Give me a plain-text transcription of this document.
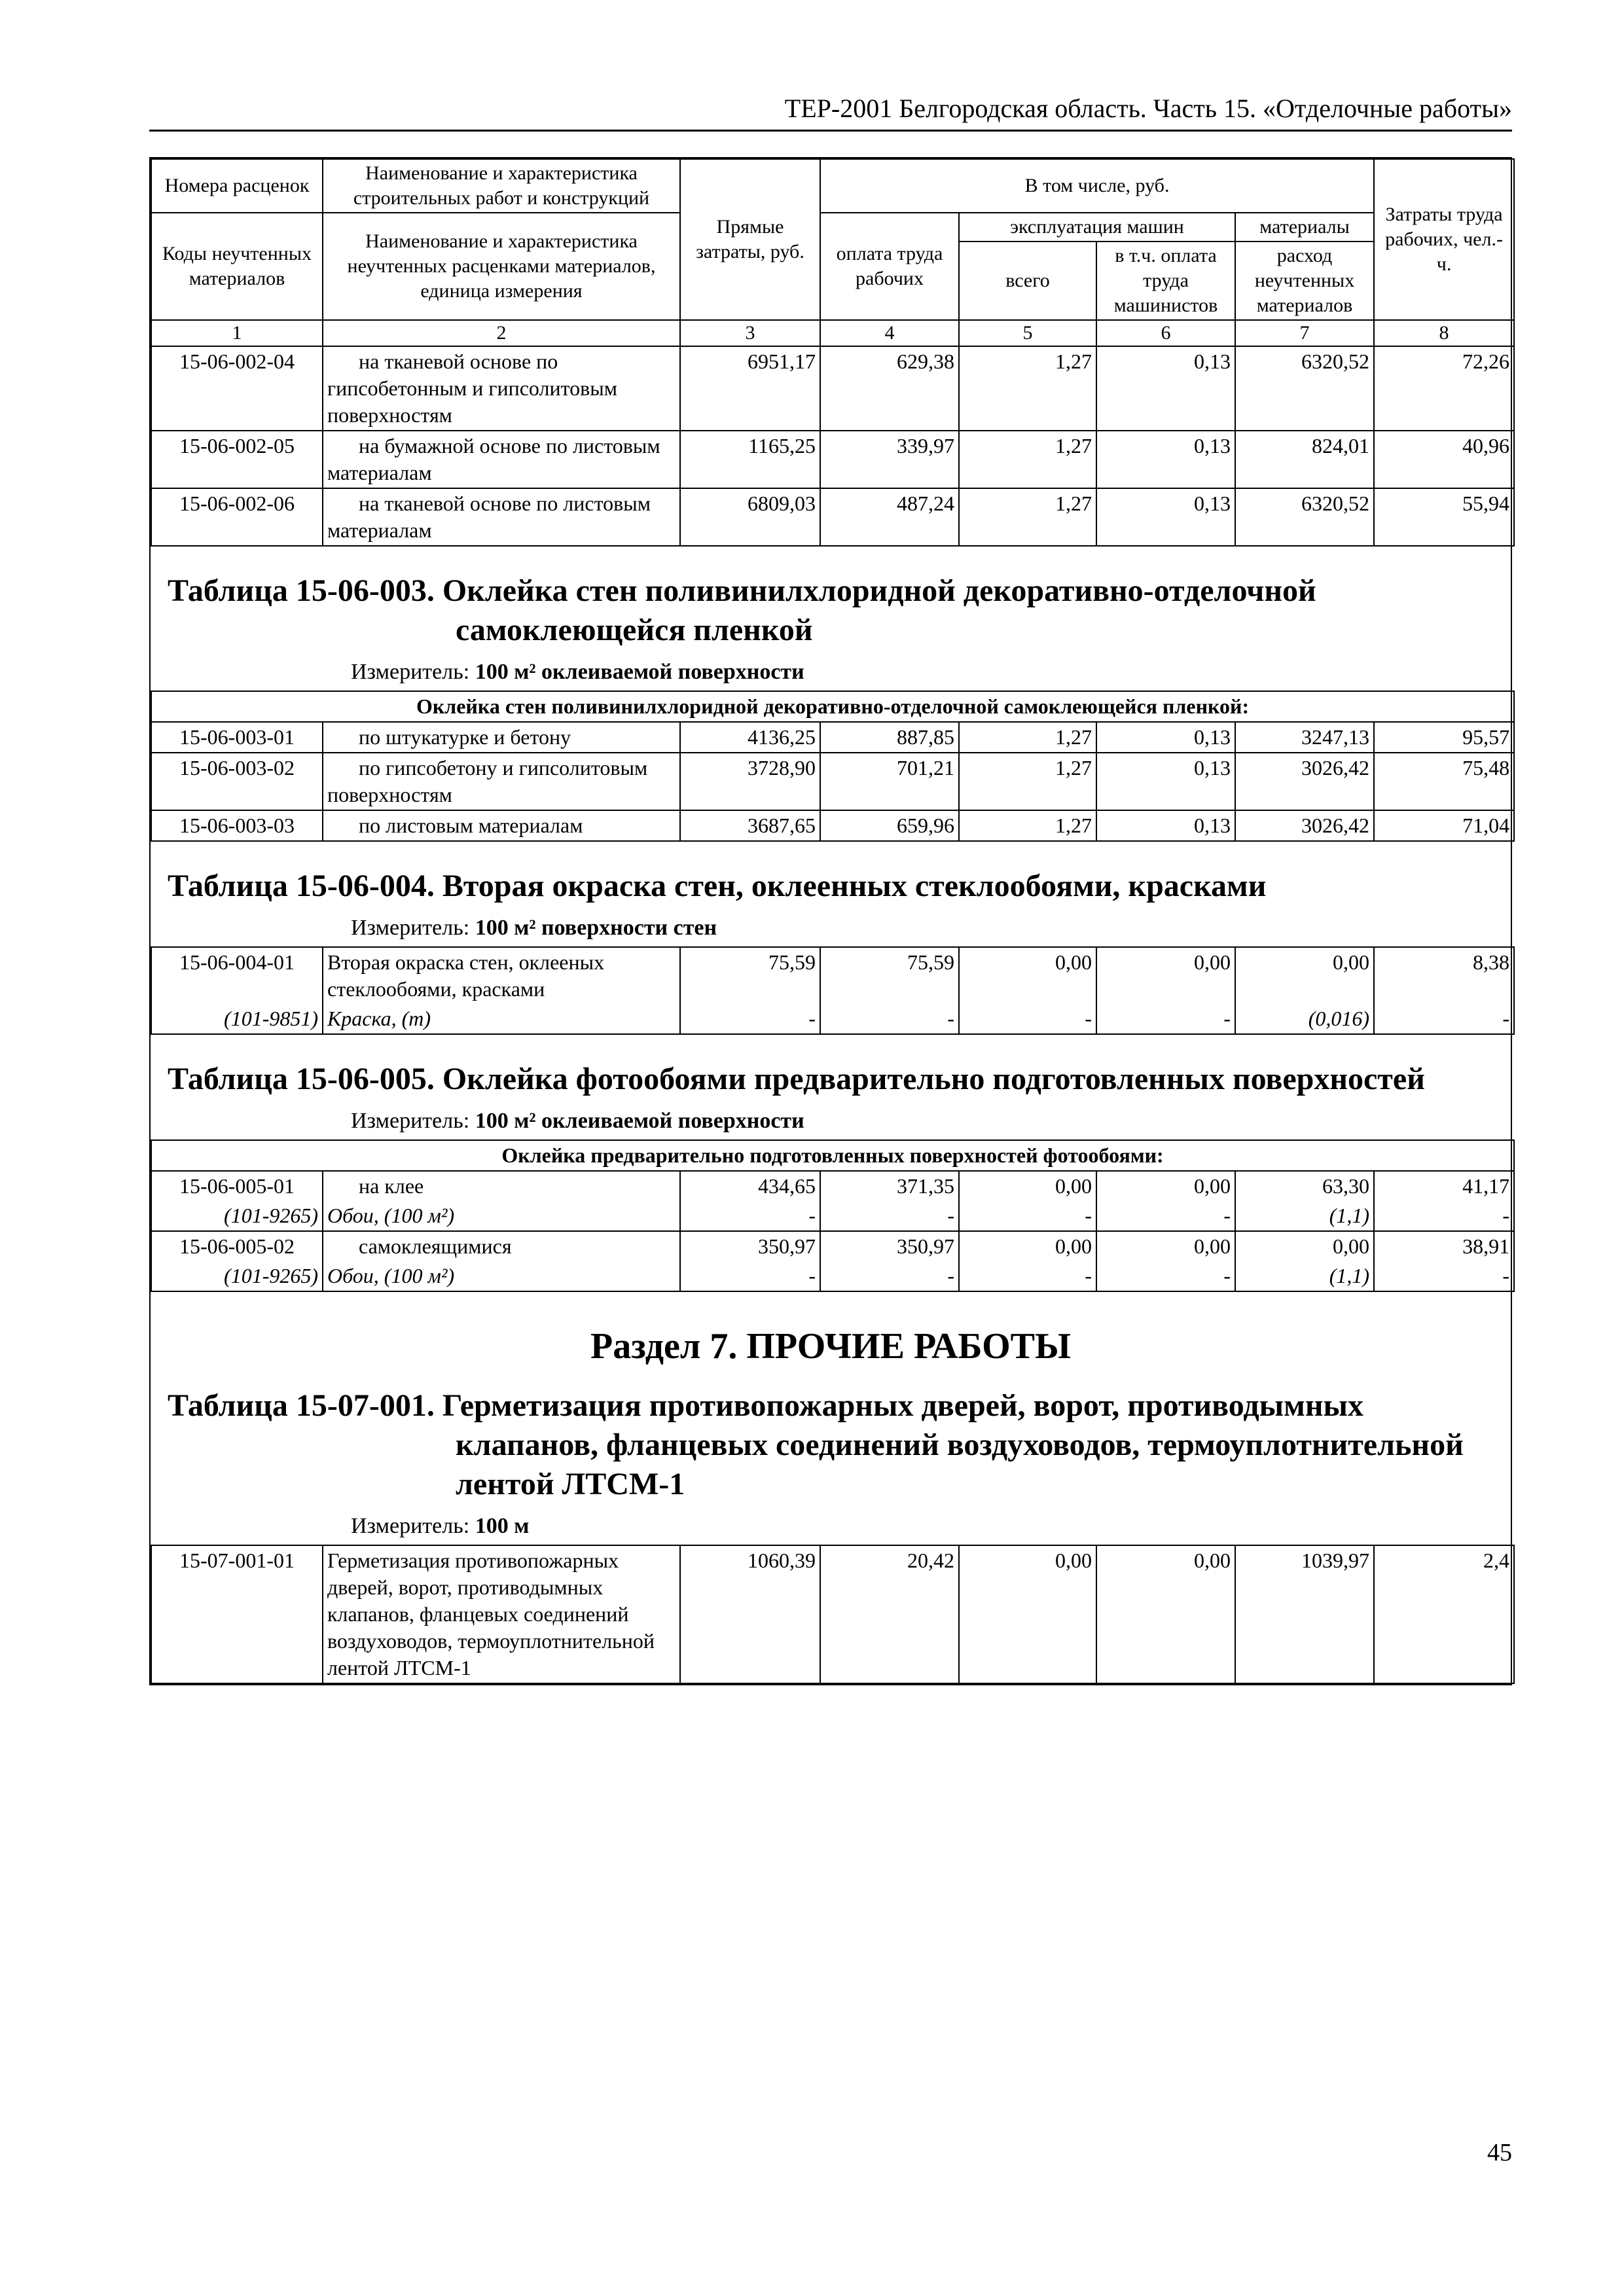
ТЕР-2001 Белгородская область. Часть 15. «Отделочные работы»
Номера расценок	Наименование и характеристика строительных работ и конструкций	Прямые затраты, руб.	В том числе, руб.				Затраты труда рабочих, чел.-ч.
Коды неучтенных материалов	Наименование и характеристика неучтенных расценками материалов, единица измерения		оплата труда рабочих	эксплуатация машин		материалы	
				всего	в т.ч. оплата труда машинистов	расход неучтенных материалов	
1	2	3	4	5	6	7	8
15-06-002-04	на тканевой основе по гипсобетонным и гипсолитовым поверхностям	6951,17	629,38	1,27	0,13	6320,52	72,26
15-06-002-05	на бумажной основе по листовым материалам	1165,25	339,97	1,27	0,13	824,01	40,96
15-06-002-06	на тканевой основе по листовым материалам	6809,03	487,24	1,27	0,13	6320,52	55,94
Таблица 15-06-003. Оклейка стен поливинилхлоридной декоративно-отделочной самоклеющейся пленкой
Измеритель: 100 м² оклеиваемой поверхности
Оклейка стен поливинилхлоридной декоративно-отделочной самоклеющейся пленкой:							
15-06-003-01	по штукатурке и бетону	4136,25	887,85	1,27	0,13	3247,13	95,57
15-06-003-02	по гипсобетону и гипсолитовым поверхностям	3728,90	701,21	1,27	0,13	3026,42	75,48
15-06-003-03	по листовым материалам	3687,65	659,96	1,27	0,13	3026,42	71,04
Таблица 15-06-004. Вторая окраска стен, оклеенных стеклообоями, красками
Измеритель: 100 м² поверхности стен
15-06-004-01	Вторая окраска стен, оклееных стеклообоями, красками	75,59	75,59	0,00	0,00	0,00	8,38
(101-9851)	Краска, (т)	-	-	-	-	(0,016)	-
Таблица 15-06-005. Оклейка фотообоями предварительно подготовленных поверхностей
Измеритель: 100 м² оклеиваемой поверхности
Оклейка предварительно подготовленных поверхностей фотообоями:							
15-06-005-01	на клее	434,65	371,35	0,00	0,00	63,30	41,17
(101-9265)	Обои, (100 м²)	-	-	-	-	(1,1)	-
15-06-005-02	самоклеящимися	350,97	350,97	0,00	0,00	0,00	38,91
(101-9265)	Обои, (100 м²)	-	-	-	-	(1,1)	-
Раздел 7. ПРОЧИЕ РАБОТЫ
Таблица 15-07-001. Герметизация противопожарных дверей, ворот, противодымных клапанов, фланцевых соединений воздуховодов, термоуплотнительной лентой ЛТСМ-1
Измеритель: 100 м
15-07-001-01	Герметизация противопожарных дверей, ворот, противодымных клапанов, фланцевых соединений воздуховодов, термоуплотнительной лентой ЛТСМ-1	1060,39	20,42	0,00	0,00	1039,97	2,4
45
